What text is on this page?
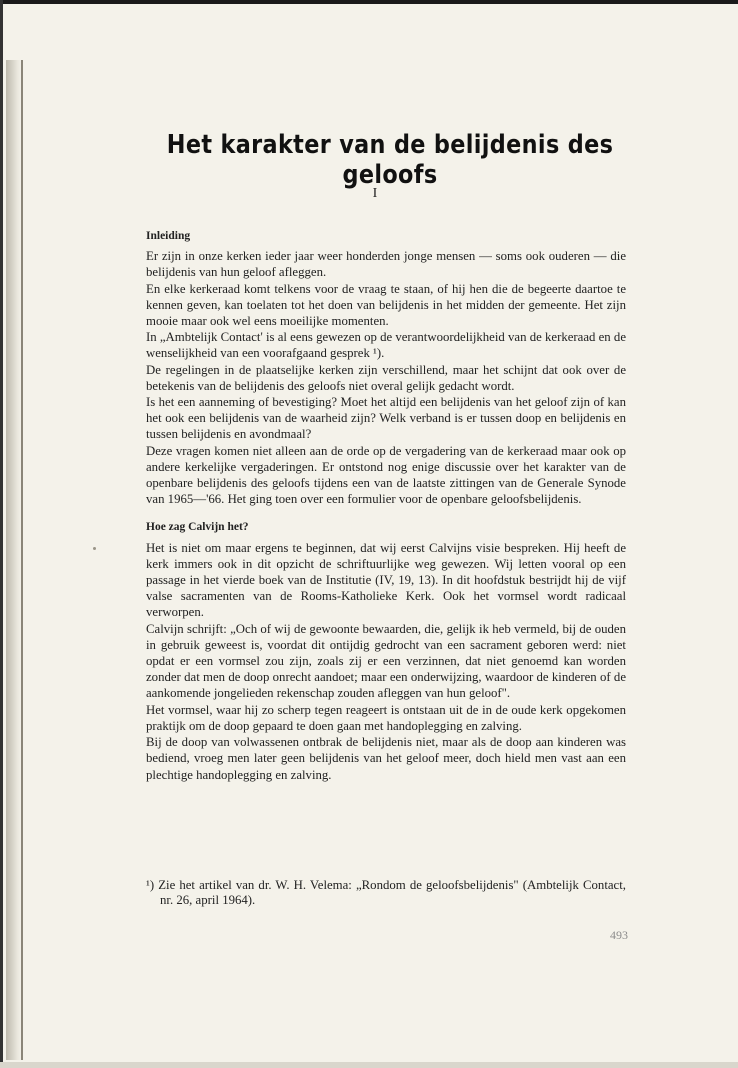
Het karakter van de belijdenis des geloofs
I
Inleiding

Er zijn in onze kerken ieder jaar weer honderden jonge mensen — soms ook ouderen — die belijdenis van hun geloof afleggen.

En elke kerkeraad komt telkens voor de vraag te staan, of hij hen die de begeerte daartoe te kennen geven, kan toelaten tot het doen van belijdenis in het midden der gemeente. Het zijn mooie maar ook wel eens moeilijke momenten.

In „Ambtelijk Contact' is al eens gewezen op de verantwoordelijkheid van de kerkeraad en de wenselijkheid van een voorafgaand gesprek ¹).

De regelingen in de plaatselijke kerken zijn verschillend, maar het schijnt dat ook over de betekenis van de belijdenis des geloofs niet overal gelijk gedacht wordt.

Is het een aanneming of bevestiging? Moet het altijd een belijdenis van het geloof zijn of kan het ook een belijdenis van de waarheid zijn? Welk verband is er tussen doop en belijdenis en tussen belijdenis en avondmaal?

Deze vragen komen niet alleen aan de orde op de vergadering van de kerkeraad maar ook op andere kerkelijke vergaderingen. Er ontstond nog enige discussie over het karakter van de openbare belijdenis des geloofs tijdens een van de laatste zittingen van de Generale Synode van 1965—'66. Het ging toen over een formulier voor de openbare geloofsbelijdenis.

Hoe zag Calvijn het?

Het is niet om maar ergens te beginnen, dat wij eerst Calvijns visie bespreken. Hij heeft de kerk immers ook in dit opzicht de schriftuurlijke weg gewezen. Wij letten vooral op een passage in het vierde boek van de Institutie (IV, 19, 13). In dit hoofdstuk bestrijdt hij de vijf valse sacramenten van de Rooms-Katholieke Kerk. Ook het vormsel wordt radicaal verworpen.

Calvijn schrijft: „Och of wij de gewoonte bewaarden, die, gelijk ik heb vermeld, bij de ouden in gebruik geweest is, voordat dit ontijdig gedrocht van een sacrament geboren werd: niet opdat er een vormsel zou zijn, zoals zij er een verzinnen, dat niet genoemd kan worden zonder dat men de doop onrecht aandoet; maar een onderwijzing, waardoor de kinderen of de aankomende jongelieden rekenschap zouden afleggen van hun geloof".

Het vormsel, waar hij zo scherp tegen reageert is ontstaan uit de in de oude kerk opgekomen praktijk om de doop gepaard te doen gaan met handoplegging en zalving.

Bij de doop van volwassenen ontbrak de belijdenis niet, maar als de doop aan kinderen was bediend, vroeg men later geen belijdenis van het geloof meer, doch hield men vast aan een plechtige handoplegging en zalving.

¹) Zie het artikel van dr. W. H. Velema: „Rondom de geloofsbelijdenis" (Ambtelijk Contact, nr. 26, april 1964).

493
